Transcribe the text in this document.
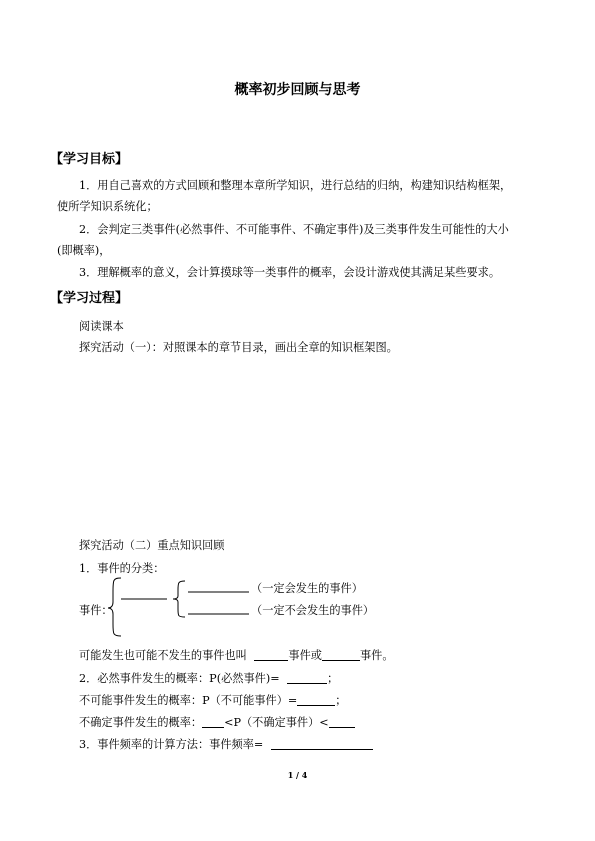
概率初步回顾与思考
【学习目标】
1．用自己喜欢的方式回顾和整理本章所学知识，进行总结的归纳，构建知识结构框架，
使所学知识系统化；
2．会判定三类事件(必然事件、不可能事件、不确定事件)及三类事件发生可能性的大小
(即概率)，
3．理解概率的意义，会计算摸球等一类事件的概率，会设计游戏使其满足某些要求。
【学习过程】
阅读课本
探究活动（一）：对照课本的章节目录，画出全章的知识框架图。
探究活动（二）重点知识回顾
1．事件的分类：
（一定会发生的事件）
（一定不会发生的事件）
事件：
可能发生也可能不发生的事件也叫	事件或	事件。
2．必然事件发生的概率：P(必然事件)=	；
不可能事件发生的概率：P（不可能事件）=	；
不确定事件发生的概率： <P（不确定事件）<
3．事件频率的计算方法：事件频率=
1 / 4
